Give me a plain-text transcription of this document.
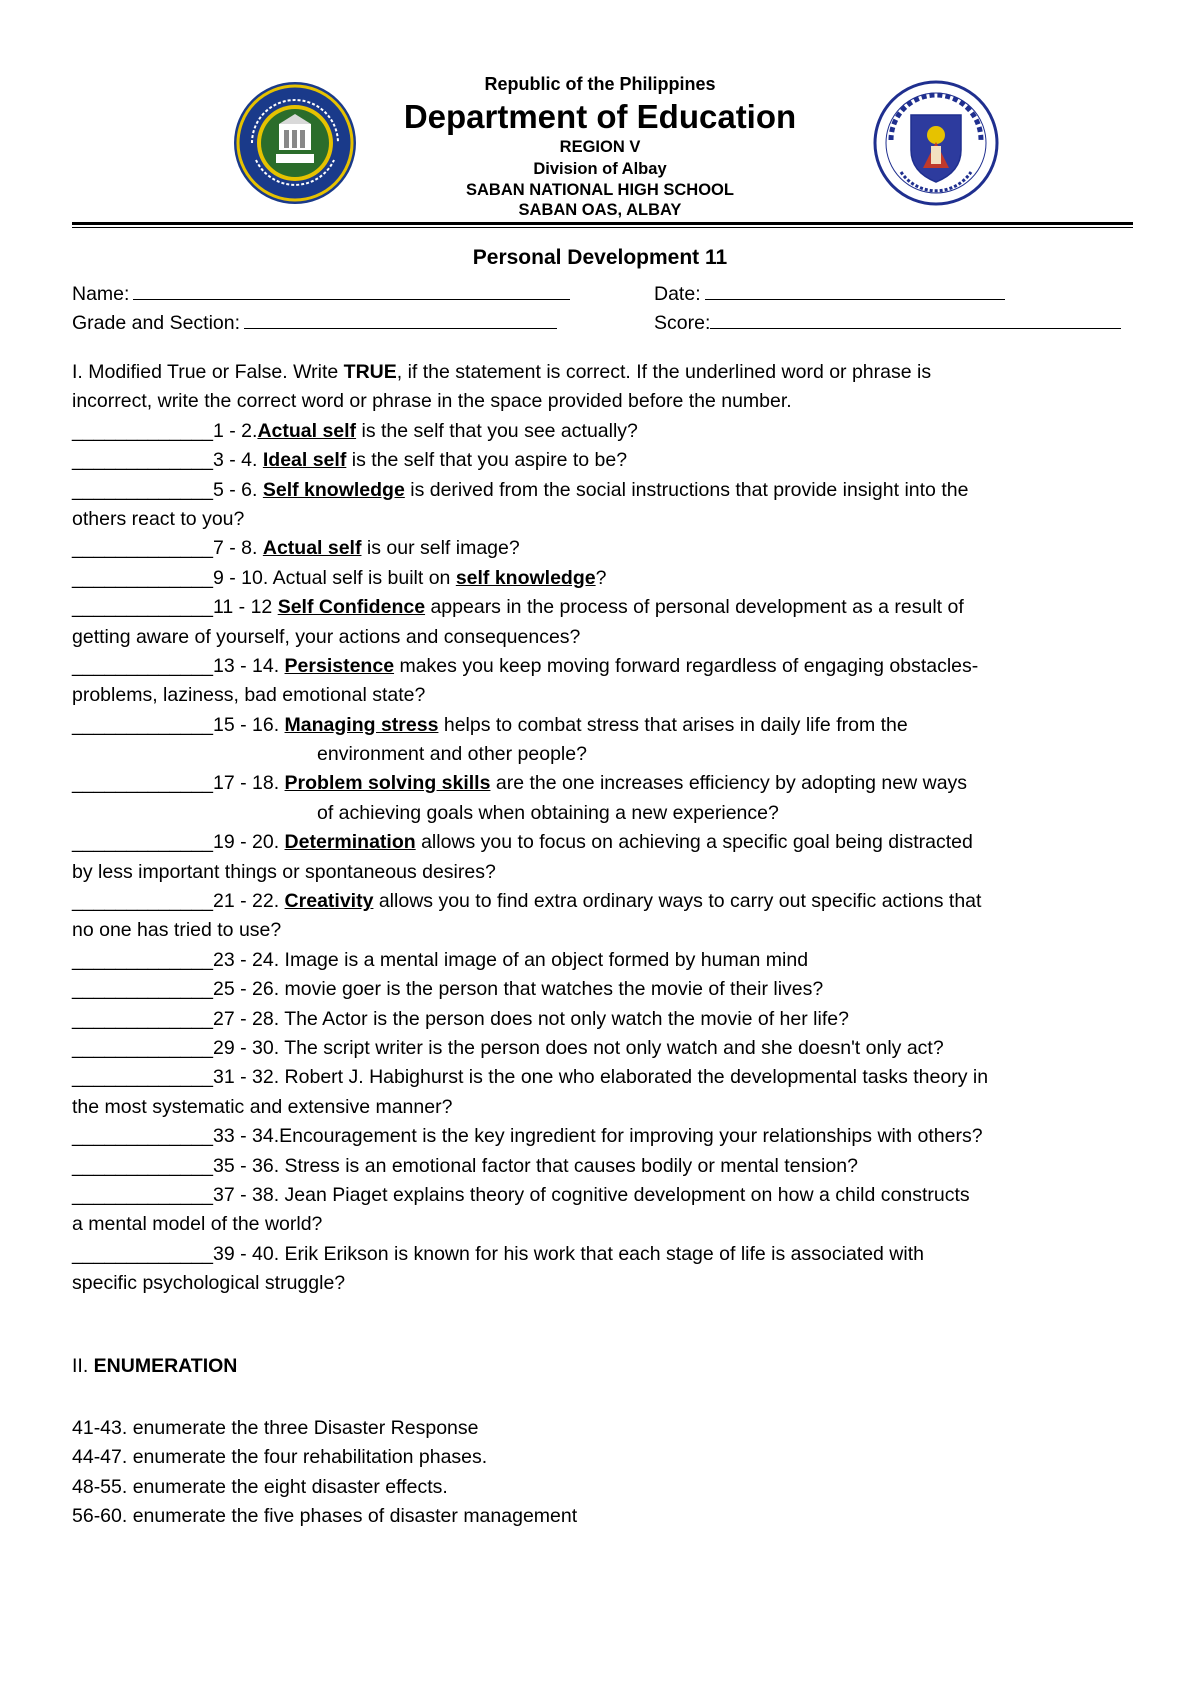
Republic of the Philippines
Department of Education
REGION V
Division of Albay
SABAN NATIONAL HIGH SCHOOL
SABAN OAS, ALBAY
Personal Development 11
Name:	Date:
Grade and Section:	Score:
I. Modified True or False. Write TRUE, if the statement is correct. If the underlined word or phrase is
incorrect, write the correct word or phrase in the space provided before the number.
_____________1 - 2.Actual self is the self that you see actually?
_____________3 - 4. Ideal self is the self that you aspire to be?
_____________5 - 6. Self knowledge is derived from the social instructions that provide insight into the
others react to you?
_____________7 - 8. Actual self is our self image?
_____________9 - 10. Actual self is built on self knowledge?
_____________11 - 12 Self Confidence appears in the process of personal development as a result of
getting aware of yourself, your actions and consequences?
_____________13 - 14. Persistence makes you keep moving forward regardless of engaging obstacles-
problems, laziness, bad emotional state?
_____________15 - 16. Managing stress helps to combat stress that arises in daily life from the
environment and other people?
_____________17 - 18. Problem solving skills are the one increases efficiency by adopting new ways
of achieving goals when obtaining a new experience?
_____________19 - 20. Determination allows you to focus on achieving a specific goal being distracted
by less important things or spontaneous desires?
_____________21 - 22. Creativity allows you to find extra ordinary ways to carry out specific actions that
no one has tried to use?
_____________23 - 24. Image is a mental image of an object formed by human mind
_____________25 - 26. movie goer is the person that watches the movie of their lives?
_____________27 - 28. The Actor is the person does not only watch the movie of her life?
_____________29 - 30. The script writer is the person does not only watch and she doesn't only act?
_____________31 - 32. Robert J. Habighurst is the one who elaborated the developmental tasks theory in
the most systematic and extensive manner?
_____________33 - 34.Encouragement is the key ingredient for improving your relationships with others?
_____________35 - 36. Stress is an emotional factor that causes bodily or mental tension?
_____________37 - 38. Jean Piaget explains theory of cognitive development on how a child constructs
a mental model of the world?
_____________39 - 40. Erik Erikson is known for his work that each stage of life is associated with
specific psychological struggle?
II. ENUMERATION
41-43. enumerate the three Disaster Response
44-47. enumerate the four rehabilitation phases.
48-55. enumerate the eight disaster effects.
56-60. enumerate the five phases of disaster management
